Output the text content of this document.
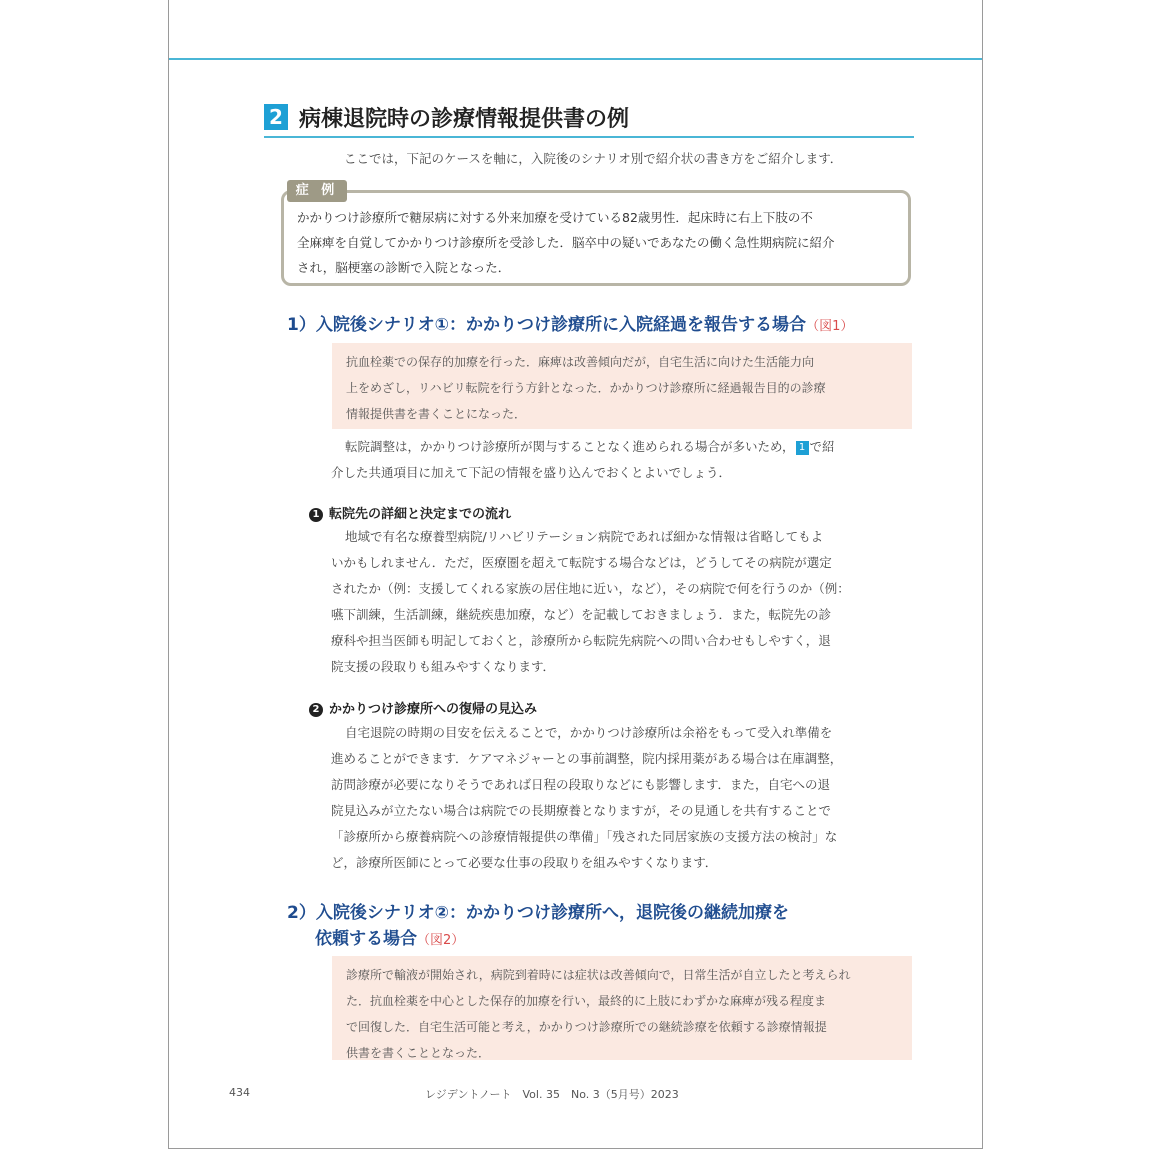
2 病棟退院時の診療情報提供書の例
ここでは，下記のケースを軸に，入院後のシナリオ別で紹介状の書き方をご紹介します．
症 例
かかりつけ診療所で糖尿病に対する外来加療を受けている82歳男性．起床時に右上下肢の不
全麻痺を自覚してかかりつけ診療所を受診した．脳卒中の疑いであなたの働く急性期病院に紹介
され，脳梗塞の診断で入院となった．
1）入院後シナリオ①：かかりつけ診療所に入院経過を報告する場合（図1）
抗血栓薬での保存的加療を行った．麻痺は改善傾向だが，自宅生活に向けた生活能力向
上をめざし，リハビリ転院を行う方針となった．かかりつけ診療所に経過報告目的の診療
情報提供書を書くことになった．
転院調整は，かかりつけ診療所が関与することなく進められる場合が多いため， 1 で紹
介した共通項目に加えて下記の情報を盛り込んでおくとよいでしょう．
1 転院先の詳細と決定までの流れ
地域で有名な療養型病院/リハビリテーション病院であれば細かな情報は省略してもよ
いかもしれません．ただ，医療圏を超えて転院する場合などは，どうしてその病院が選定
されたか（例：支援してくれる家族の居住地に近い，など），その病院で何を行うのか（例：
嚥下訓練，生活訓練，継続疾患加療，など）を記載しておきましょう．また，転院先の診
療科や担当医師も明記しておくと，診療所から転院先病院への問い合わせもしやすく，退
院支援の段取りも組みやすくなります．
2 かかりつけ診療所への復帰の見込み
自宅退院の時期の目安を伝えることで，かかりつけ診療所は余裕をもって受入れ準備を
進めることができます．ケアマネジャーとの事前調整，院内採用薬がある場合は在庫調整，
訪問診療が必要になりそうであれば日程の段取りなどにも影響します．また，自宅への退
院見込みが立たない場合は病院での長期療養となりますが，その見通しを共有することで
「診療所から療養病院への診療情報提供の準備」「残された同居家族の支援方法の検討」な
ど，診療所医師にとって必要な仕事の段取りを組みやすくなります．
2）入院後シナリオ②：かかりつけ診療所へ，退院後の継続加療を
依頼する場合（図2）
診療所で輸液が開始され，病院到着時には症状は改善傾向で，日常生活が自立したと考えられ
た．抗血栓薬を中心とした保存的加療を行い，最終的に上肢にわずかな麻痺が残る程度ま
で回復した．自宅生活可能と考え，かかりつけ診療所での継続診療を依頼する診療情報提
供書を書くこととなった．
434	レジデントノート　Vol. 35　No. 3（5月号）2023
